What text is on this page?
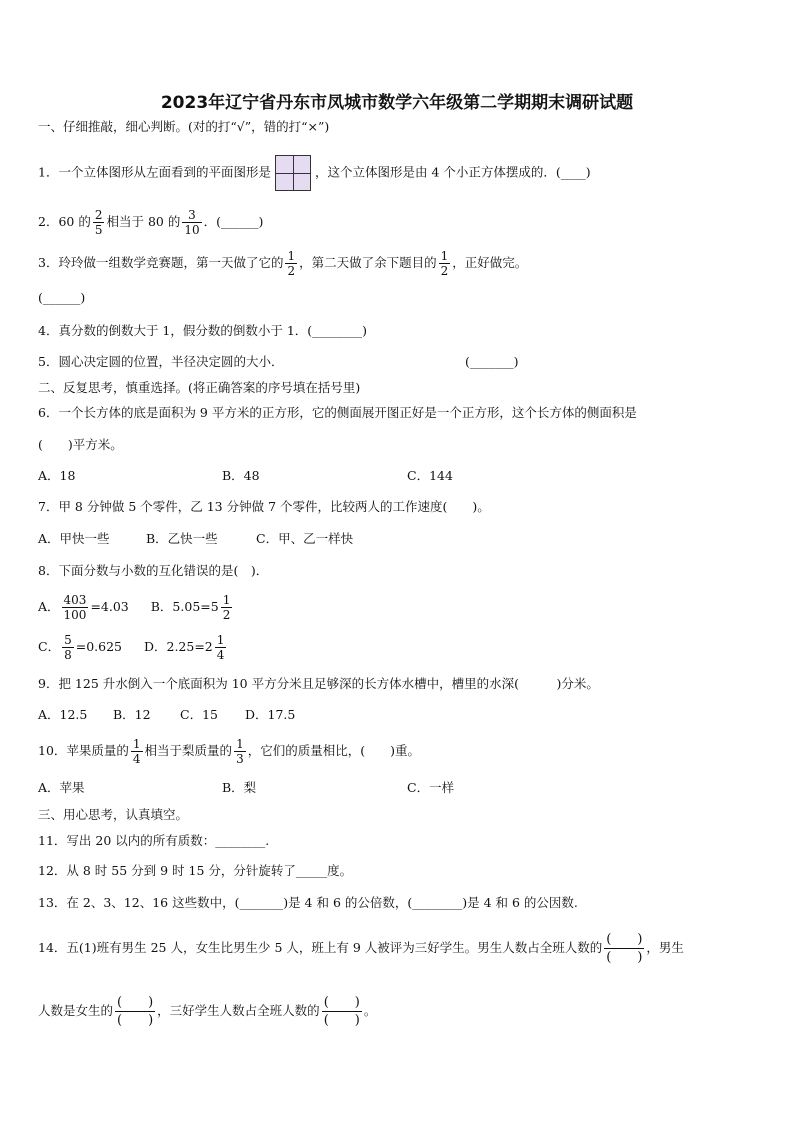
2023年辽宁省丹东市凤城市数学六年级第二学期期末调研试题
一、仔细推敲，细心判断。(对的打“√”，错的打“×”)
1．一个立体图形从左面看到的平面图形是	，这个立体图形是由 4 个小正方体摆成的．(____)
2．60 的 $\frac{2}{5}$ 相当于 80 的 $\frac{3}{10}$ ．(______)
3．玲玲做一组数学竞赛题，第一天做了它的 $\frac{1}{2}$ ，第二天做了余下题目的 $\frac{1}{2}$ ，正好做完。
(______)
4．真分数的倒数大于 1，假分数的倒数小于 1．(________)
5．圆心决定圆的位置，半径决定圆的大小．	(_______)
二、反复思考，慎重选择。(将正确答案的序号填在括号里)
6．一个长方体的底是面积为 9 平方米的正方形，它的侧面展开图正好是一个正方形，这个长方体的侧面积是
(　　)平方米。
A．18	B．48	C．144
7．甲 8 分钟做 5 个零件，乙 13 分钟做 7 个零件，比较两人的工作速度(　　)。
A．甲快一些	B．乙快一些	C．甲、乙一样快
8．下面分数与小数的互化错误的是(　)．
A． $\frac{403}{100} =4.03$ B．$5.05=5 \frac{1}{2}$
C． $\frac{5}{8} =0.625$ D．$2.25=2 \frac{1}{4}$
9．把 125 升水倒入一个底面积为 10 平方分米且足够深的长方体水槽中，槽里的水深(　　　)分米。
A．12.5 B．12 C．15 D．17.5
10．苹果质量的 $\frac{1}{4}$ 相当于梨质量的 $\frac{1}{3}$ ，它们的质量相比，(　　)重。
A．苹果	B．梨	C．一样
三、用心思考，认真填空。
11．写出 20 以内的所有质数：________.
12．从 8 时 55 分到 9 时 15 分，分针旋转了_____度。
13．在 2、3、12、16 这些数中，(_______)是 4 和 6 的公倍数，(________)是 4 和 6 的公因数.
14．五(1)班有男生 25 人，女生比男生少 5 人，班上有 9 人被评为三好学生。男生人数占全班人数的 $\frac{( )}{( )}$ ，男生
人数是女生的 $\frac{( )}{( )}$ ，三好学生人数占全班人数的 $\frac{( )}{( )}$ 。
